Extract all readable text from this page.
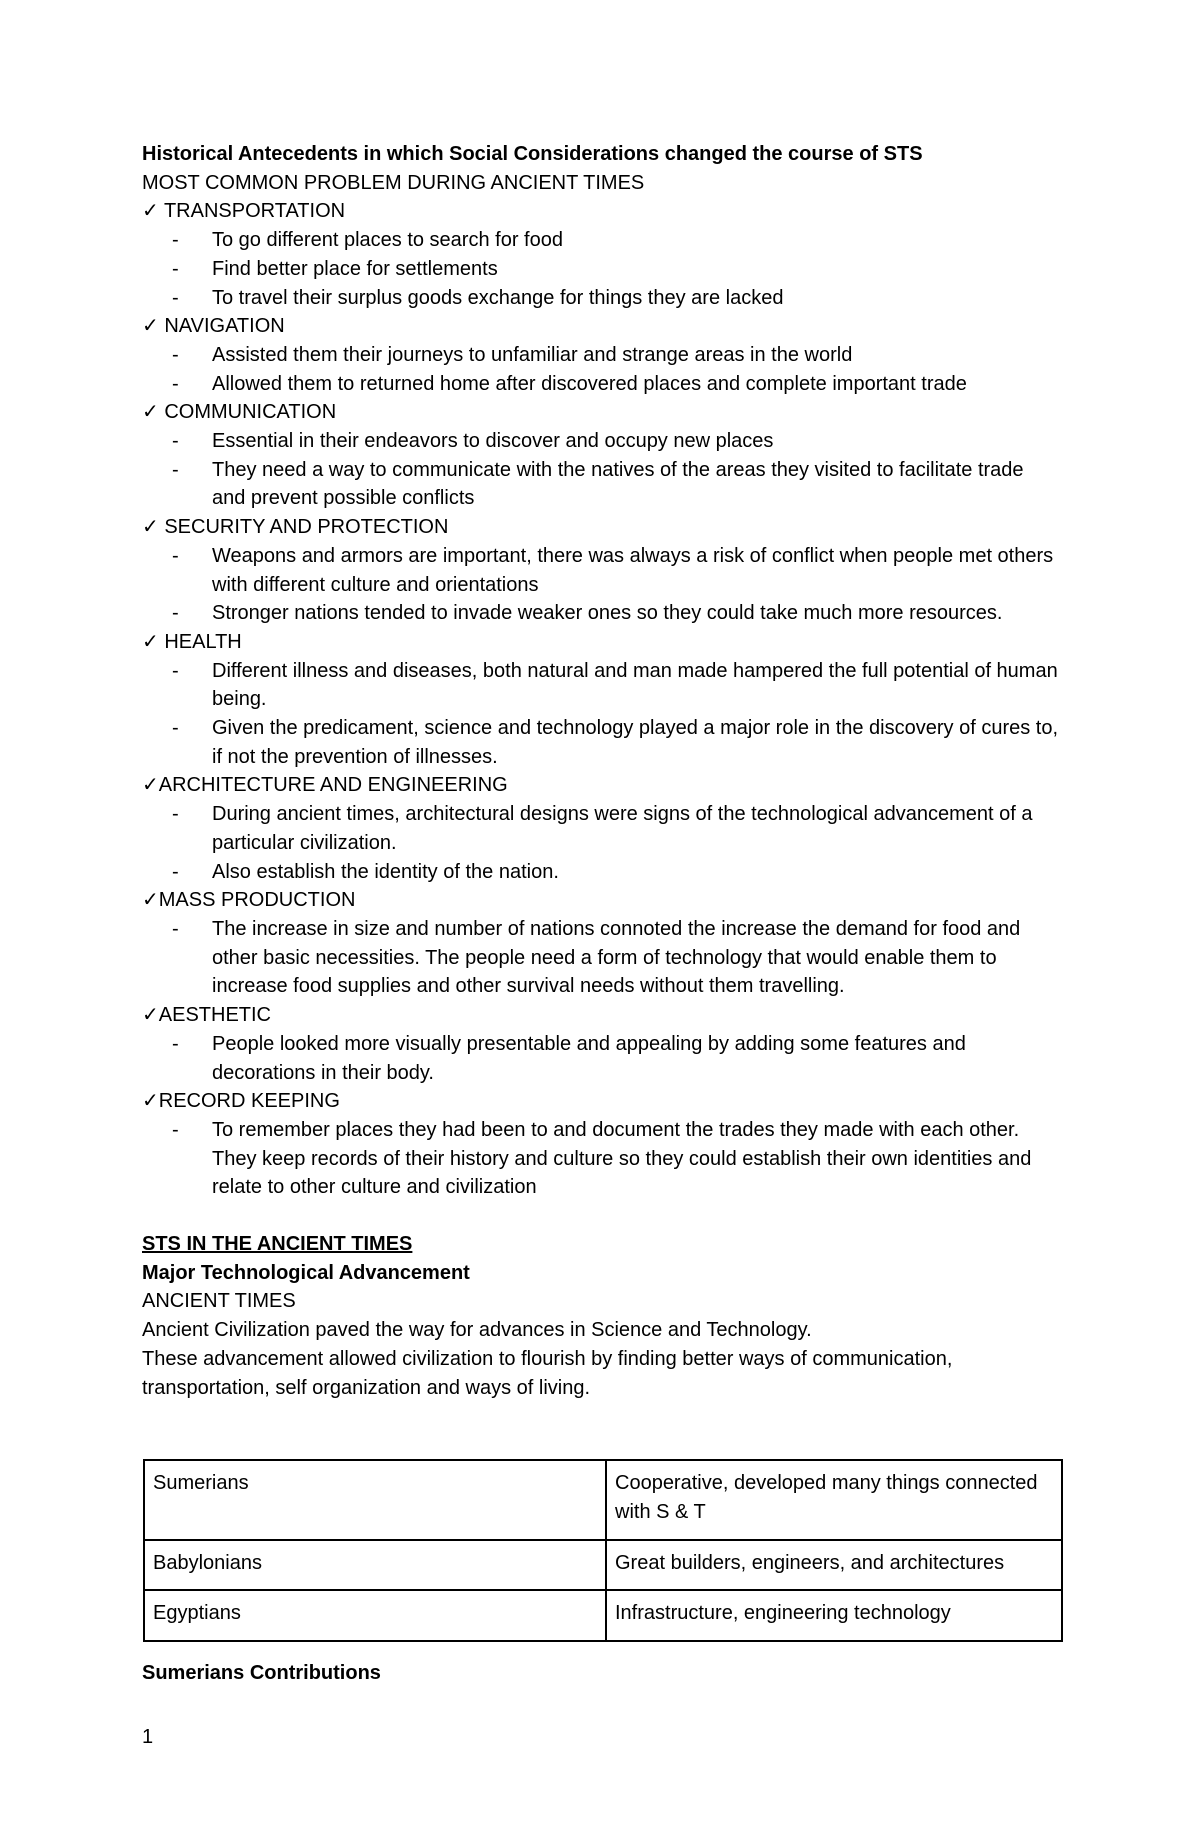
Historical Antecedents in which Social Considerations changed the course of STS

MOST COMMON PROBLEM DURING ANCIENT TIMES

✓ TRANSPORTATION

- To go different places to search for food
- Find better place for settlements
- To travel their surplus goods exchange for things they are lacked

✓ NAVIGATION

- Assisted them their journeys to unfamiliar and strange areas in the world
- Allowed them to returned home after discovered places and complete important trade

✓ COMMUNICATION

- Essential in their endeavors to discover and occupy new places
- They need a way to communicate with the natives of the areas they visited to facilitate trade and prevent possible conflicts

✓ SECURITY AND PROTECTION

- Weapons and armors are important, there was always a risk of conflict when people met others with different culture and orientations
- Stronger nations tended to invade weaker ones so they could take much more resources.

✓ HEALTH

- Different illness and diseases, both natural and man made hampered the full potential of human being.
- Given the predicament, science and technology played a major role in the discovery of cures to, if not the prevention of illnesses.

✓ARCHITECTURE AND ENGINEERING

- During ancient times, architectural designs were signs of the technological advancement of a particular civilization.
- Also establish the identity of the nation.

✓MASS PRODUCTION

- The increase in size and number of nations connoted the increase the demand for food and other basic necessities. The people need a form of technology that would enable them to increase food supplies and other survival needs without them travelling.

✓AESTHETIC

- People looked more visually presentable and appealing by adding some features and decorations in their body.

✓RECORD KEEPING

- To remember places they had been to and document the trades they made with each other. They keep records of their history and culture so they could establish their own identities and relate to other culture and civilization

STS IN THE ANCIENT TIMES

Major Technological Advancement

ANCIENT TIMES

Ancient Civilization paved the way for advances in Science and Technology.

These advancement allowed civilization to flourish by finding better ways of communication,

transportation, self organization and ways of living.

Sumerians	Cooperative, developed many things connected with S & T
Babylonians	Great builders, engineers, and architectures
Egyptians	Infrastructure, engineering technology

Sumerians Contributions

1
